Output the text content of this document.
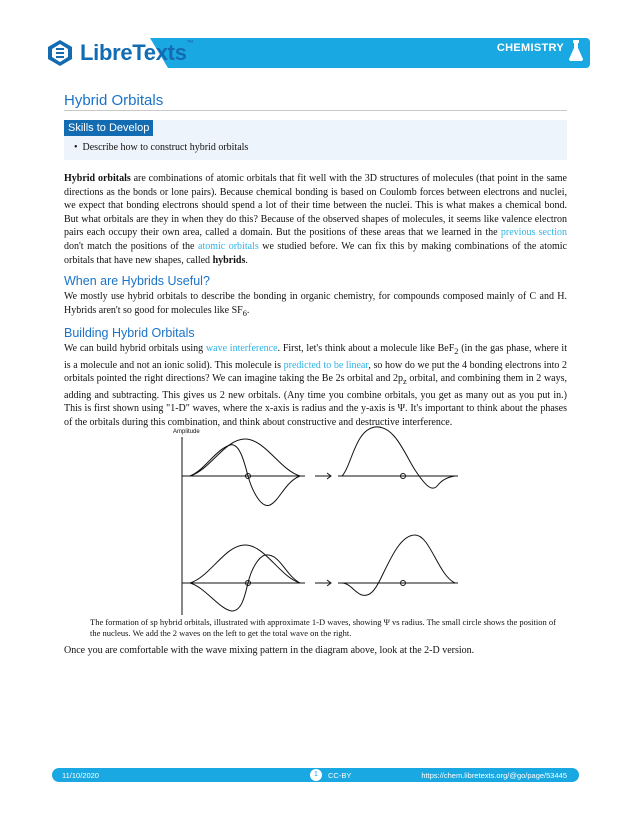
LibreTexts™	CHEMISTRY
Hybrid Orbitals
Skills to Develop
•  Describe how to construct hybrid orbitals

Hybrid orbitals are combinations of atomic orbitals that fit well with the 3D structures of molecules (that point in the same directions as the bonds or lone pairs). Because chemical bonding is based on Coulomb forces between electrons and nuclei, we expect that bonding electrons should spend a lot of their time between the nuclei. This is what makes a chemical bond. But what orbitals are they in when they do this? Because of the observed shapes of molecules, it seems like valence electron pairs each occupy their own area, called a domain. But the positions of these areas that we learned in the previous section don't match the positions of the atomic orbitals we studied before. We can fix this by making combinations of the atomic orbitals that have new shapes, called hybrids.

When are Hybrids Useful?

We mostly use hybrid orbitals to describe the bonding in organic chemistry, for compounds composed mainly of C and H. Hybrids aren't so good for molecules like $SF_6$.

Building Hybrid Orbitals

We can build hybrid orbitals using wave interference. First, let's think about a molecule like BeF$_2$ (in the gas phase, where it is a molecule and not an ionic solid). This molecule is predicted to be linear, so how do we put the 4 bonding electrons into 2 orbitals pointed the right directions? We can imagine taking the Be 2s orbital and $2p_z$ orbital, and combining them in 2 ways, adding and subtracting. This gives us 2 new orbitals. (Any time you combine orbitals, you get as many out as you put in.) This is first shown using "1-D" waves, where the x-axis is radius and the y-axis is Ψ. It's important to think about the phases of the orbitals during this combination, and think about constructive and destructive interference.

Amplitude
The formation of sp hybrid orbitals, illustrated with approximate 1-D waves, showing Ψ vs radius. The small circle shows the position of the nucleus. We add the 2 waves on the left to get the total wave on the right.

Once you are comfortable with the wave mixing pattern in the diagram above, look at the 2-D version.

11/10/2020	1	CC-BY	https://chem.libretexts.org/@go/page/53445
